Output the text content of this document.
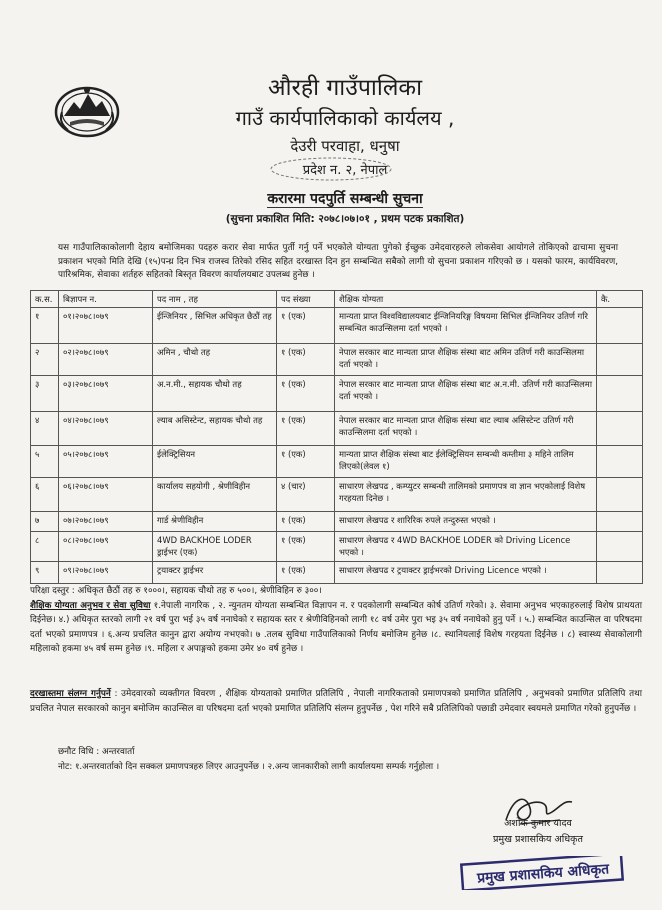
औरही गाउँपालिका
गाउँ कार्यपालिकाको कार्यलय ,
देउरी परवाहा, धनुषा
प्रदेश न. २, नेपाल
करारमा पदपुर्ति सम्बन्धी सुचना
(सुचना प्रकाशित मिति: २०७८।०७।०१ , प्रथम पटक प्रकाशित)
यस गाउँपालिकाकोलागी देहाय बमोजिमका पदहरु करार सेवा मार्फत पुर्ती गर्नु पर्ने भएकोले योग्यता पुगेको ईच्छुक उमेदवारहरुले लोकसेवा आयोगले तोकिएको ढाचामा सुचना प्रकाशन भएको मिति देखि (१५)पन्ध्र दिन भित्र राजस्व तिरेको रसिद सहित दरखास्त दिन हुन सम्बन्धित सबैको लागी यो सुचना प्रकाशन गरिएको छ । यसको फारम, कार्यविवरण, पारिश्रमिक, सेवाका शर्तहरु सहितको बिस्तृत विवरण कार्यालयबाट उपलब्ध हुनेछ ।
क.स.	बिज्ञापन न.	पद नाम , तह	पद संख्या	शैक्षिक योग्यता	कै.
१	०१।२०७८।०७९	ईन्जिनियर , सिभिल अधिकृत छैठौं तह	१ (एक)	मान्यता प्राप्त विश्वविद्यालयबाट ईन्जिनियरिङ्ग विषयमा सिभिल ईन्जिनियर उतिर्ण गरि सम्बन्धित काउन्सिलमा दर्ता भएको ।	
२	०२।२०७८।०७९	अमिन , चौथो तह	१ (एक)	नेपाल सरकार बाट मान्यता प्राप्त शैक्षिक संस्था बाट अमिन उतिर्ण गरी काउन्सिलमा दर्ता भएको ।	
३	०३।२०७८।०७९	अ.न.मी., सहायक चौथो तह	१ (एक)	नेपाल सरकार बाट मान्यता प्राप्त शैक्षिक संस्था बाट अ.न.मी. उतिर्ण गरी काउन्सिलमा दर्ता भएको ।	
४	०४।२०७८।०७९	ल्याब असिस्टेन्ट, सहायक चौथो तह	१ (एक)	नेपाल सरकार बाट मान्यता प्राप्त शैक्षिक संस्था बाट ल्याब असिस्टेन्ट उतिर्ण गरी काउन्सिलमा दर्ता भएको ।	
५	०५।२०७८।०७९	ईलेक्ट्रिसियन	१ (एक)	मान्यता प्राप्त शैक्षिक संस्था बाट ईलेक्ट्रिसियन सम्बन्धी कम्तीमा ३ महिने तालिम लिएको(लेवल १)	
६	०६।२०७८।०७९	कार्यालय सहयोगी , श्रेणीविहीन	४ (चार)	साधारण लेखपढ , कम्प्युटर सम्बन्धी तालिमको प्रमाणपत्र वा ज्ञान भएकोलाई विशेष गरहयता दिनेछ ।	
७	०७।२०७८।०७९	गार्ड श्रेणीविहीन	१ (एक)	साधारण लेखपढ र शारिरिक रुपले तन्दुरुस्त भएको ।	
८	०८।२०७८।०७९	4WD BACKHOE LODER ड्राईभर (एक)	१ (एक)	साधारण लेखपढ र 4WD BACKHOE LODER को Driving Licence भएको ।	
९	०९।२०७८।०७९	ट्रयाक्टर ड्राईभर	१ (एक)	साधारण लेखपढ र ट्रयाक्टर ड्राईभरको Driving Licence भएको ।	
परिक्षा दस्तुर : अधिकृत छैठौं तह रु १०००।, सहायक चौथो तह रु ५००।, श्रेणीविहिन रु ३००।
शैक्षिक योग्यता अनुभव र सेवा सुविधा १.नेपाली नागरिक , २. न्युनतम योग्यता सम्बन्धित विज्ञापन न. र पदकोलागी सम्बन्धित कोर्ष उतिर्ण गरेको। ३. सेवामा अनुभव भएकाहरुलाई विशेष प्राथयता दिईनेछ। ४.) अधिकृत स्तरको लागी २१ वर्ष पुरा भई ३५ वर्ष ननाघेको र सहायक स्तर र श्रेणीविहिनको लागी १८ वर्ष उमेर पुरा भइ ३५ वर्ष ननाघेको हुनु पर्ने । ५.) सम्बन्धित काउन्सिल वा परिषदमा दर्ता भएको प्रमाणपत्र । ६.अन्य प्रचलित कानुन द्वारा अयोग्य नभएको। ७ .तलब सुविधा गाउँपालिकाको निर्णय बमोजिम हुनेछ ।८. स्थानियलाई विशेष गरहयता दिईनेछ । ८) स्वास्थ्य सेवाकोलागी महिलाको हकमा ४५ वर्ष सम्म हुनेछ ।९. महिला र अपाङ्गको हकमा उमेर ४० वर्ष हुनेछ ।
दरखास्तमा संलग्न गर्नुपर्ने : उमेदवारको व्यक्तीगत विवरण , शैक्षिक योग्यताको प्रमाणित प्रतिलिपि , नेपाली नागरिकताको प्रमाणपत्रको प्रमाणित प्रतिलिपि , अनुभवको प्रमाणित प्रतिलिपि तथा प्रचलित नेपाल सरकारको कानुन बमोजिम काउन्सिल वा परिषदमा दर्ता भएको प्रमाणित प्रतिलिपि संलग्न हुनुपर्नेछ , पेश गरिने सबै प्रतिलिपिको पछाडी उमेदवार स्वयमले प्रमाणित गरेको हुनुपर्नेछ ।
छनौट विधि : अन्तरवार्ता
नोट: १.अन्तरवार्ताको दिन सक्कल प्रमाणपत्रहरु लिएर आउनुपर्नेछ । २.अन्य जानकारीको लागी कार्यालयमा सम्पर्क गर्नुहोला ।
अशोक कुमार यादव
प्रमुख प्रशासकिय अधिकृत
प्रमुख प्रशासकिय अधिकृत
